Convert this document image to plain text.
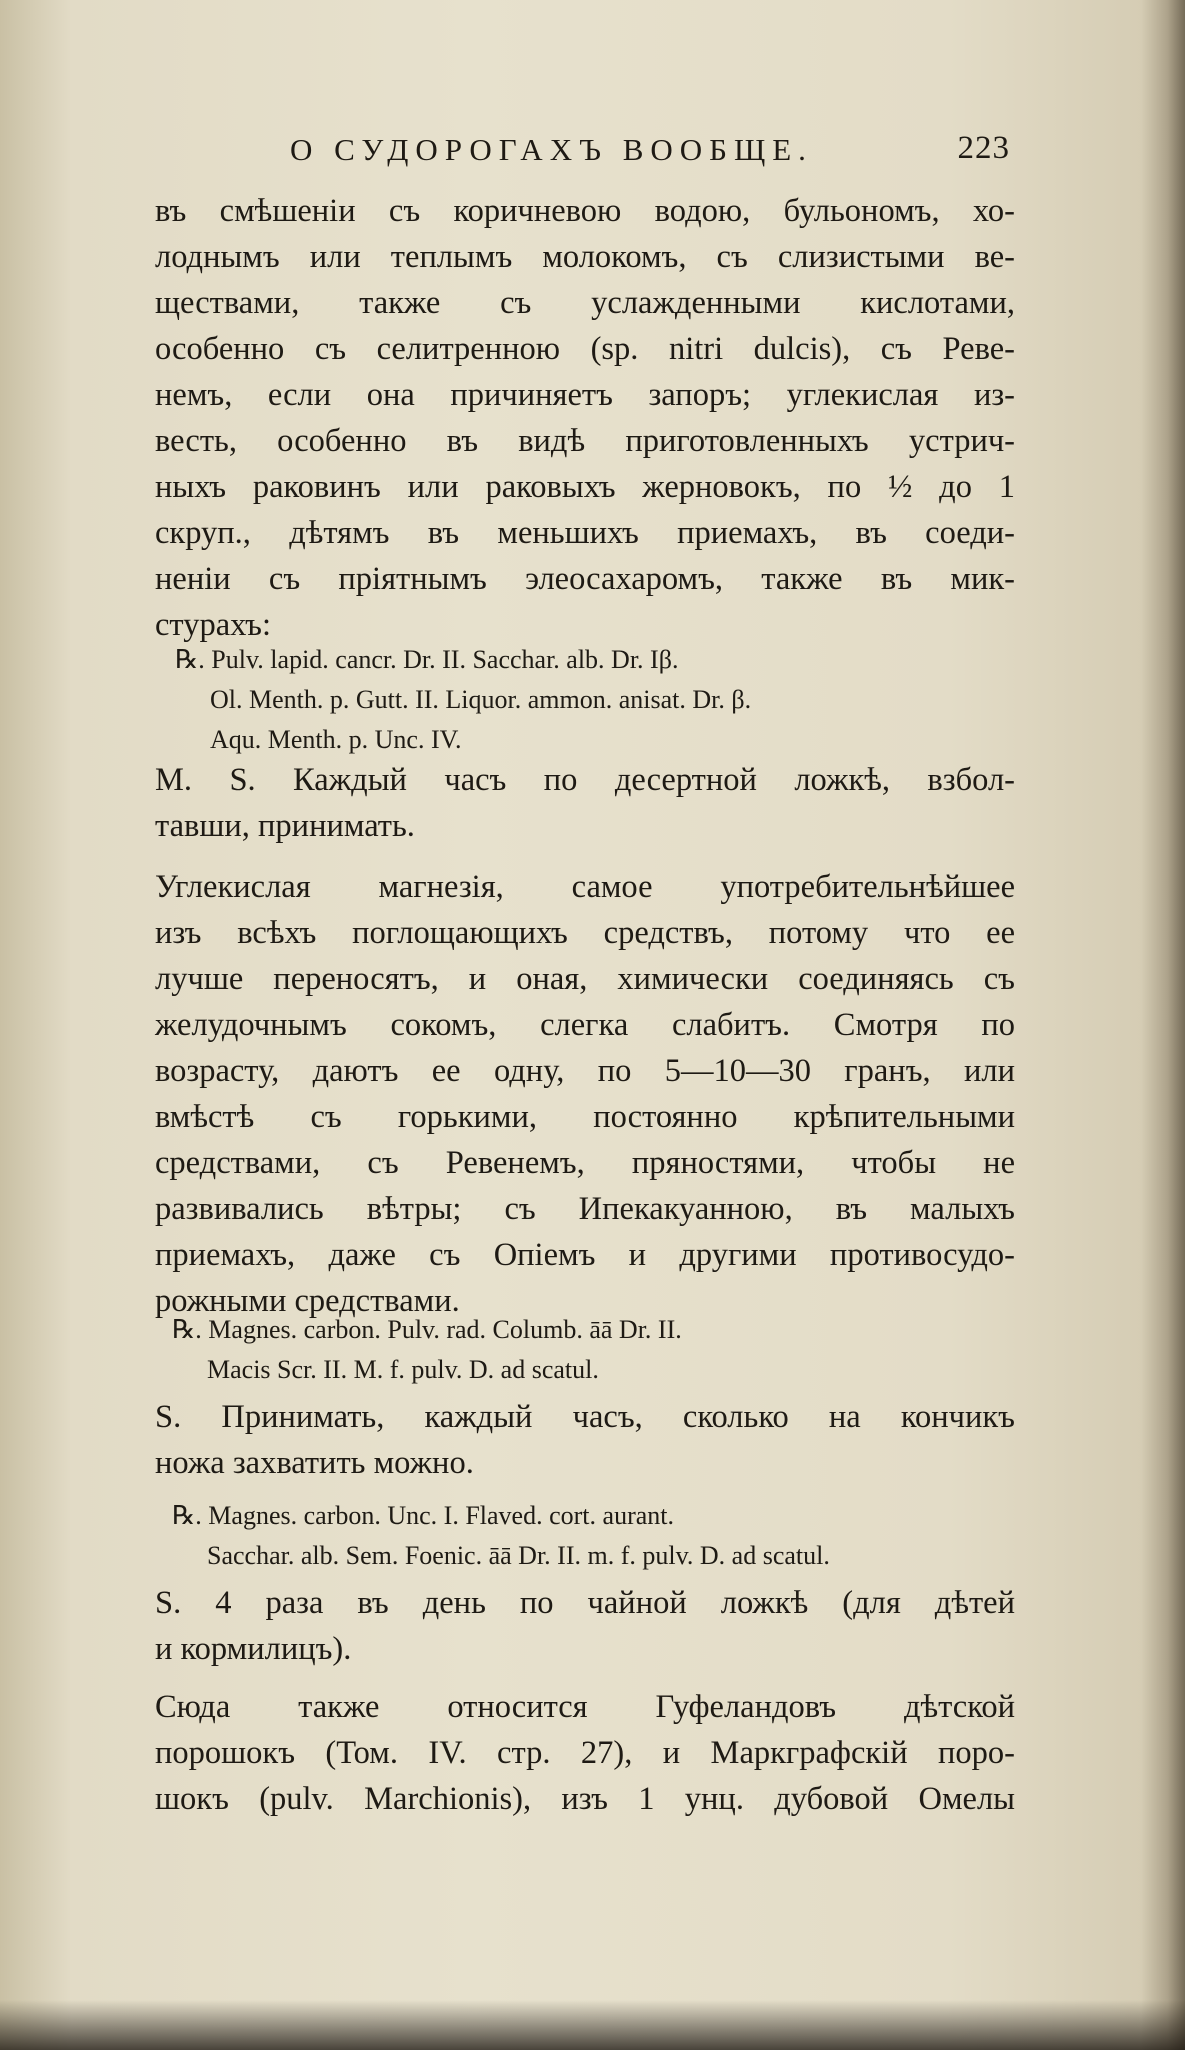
О СУДОРОГАХЪ ВООБЩЕ.	223
въ смѣшеніи съ коричневою водою, бульономъ, хо-
лоднымъ или теплымъ молокомъ, съ слизистыми ве-
ществами, также съ услажденными кислотами,
особенно съ селитренною (sp. nitri dulcis), съ Реве-
немъ, если она причиняетъ запоръ; углекислая из-
весть, особенно въ видѣ приготовленныхъ устрич-
ныхъ раковинъ или раковыхъ жерновокъ, по ½ до 1
скруп., дѣтямъ въ меньшихъ приемахъ, въ соеди-
неніи съ пріятнымъ элеосахаромъ, также въ мик-
стурахъ:
℞. Pulv. lapid. cancr. Dr. II. Sacchar. alb. Dr. Iβ.
Ol. Menth. p. Gutt. II. Liquor. ammon. anisat. Dr. β.
Aqu. Menth. p. Unc. IV.
M. S. Каждый часъ по десертной ложкѣ, взбол-
тавши, принимать.
Углекислая магнезія, самое употребительнѣйшее
изъ всѣхъ поглощающихъ средствъ, потому что ее
лучше переносятъ, и оная, химически соединяясь съ
желудочнымъ сокомъ, слегка слабитъ. Смотря по
возрасту, даютъ ее одну, по 5—10—30 гранъ, или
вмѣстѣ съ горькими, постоянно крѣпительными
средствами, съ Ревенемъ, пряностями, чтобы не
развивались вѣтры; съ Ипекакуанною, въ малыхъ
приемахъ, даже съ Опіемъ и другими противосудо-
рожными средствами.
℞. Magnes. carbon. Pulv. rad. Columb. āā Dr. II.
Macis Scr. II. M. f. pulv. D. ad scatul.
S. Принимать, каждый часъ, сколько на кончикъ
ножа захватить можно.
℞. Magnes. carbon. Unc. I. Flaved. cort. aurant.
Sacchar. alb. Sem. Foenic. āā Dr. II. m. f. pulv. D. ad scatul.
S. 4 раза въ день по чайной ложкѣ (для дѣтей
и кормилицъ).
Сюда также относится Гуфеландовъ дѣтской
порошокъ (Том. IV. стр. 27), и Маркграфскій поро-
шокъ (pulv. Marchionis), изъ 1 унц. дубовой Омелы
